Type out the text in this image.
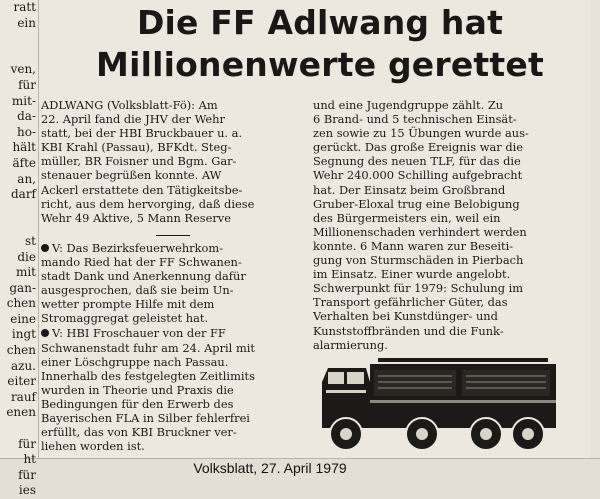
ratt
ein
ven,
für
mit-
da-
ho-
hält
äfte
an,
darf
st
die
mit
gan-
chen
eine
ingt
chen
azu.
eiter
rauf
enen
für
ht
für
ies
Die FF Adlwang hat
Millionenwerte gerettet

ADLWANG (Volksblatt-Fö): Am
22. April fand die JHV der Wehr
statt, bei der HBI Bruckbauer u. a.
KBI Krahl (Passau), BFKdt. Steg-
müller, BR Foisner und Bgm. Gar-
stenauer begrüßen konnte. AW
Ackerl erstattete den Tätigkeitsbe-
richt, aus dem hervorging, daß diese
Wehr 49 Aktive, 5 Mann Reserve

V: Das Bezirksfeuerwehrkom-
mando Ried hat der FF Schwanen-
stadt Dank und Anerkennung dafür
ausgesprochen, daß sie beim Un-
wetter prompte Hilfe mit dem
Stromaggregat geleistet hat.

V: HBI Froschauer von der FF
Schwanenstadt fuhr am 24. April mit
einer Löschgruppe nach Passau.
Innerhalb des festgelegten Zeitlimits
wurden in Theorie und Praxis die
Bedingungen für den Erwerb des
Bayerischen FLA in Silber fehlerfrei
erfüllt, das von KBI Bruckner ver-
liehen worden ist.

und eine Jugendgruppe zählt. Zu
6 Brand- und 5 technischen Einsät-
zen sowie zu 15 Übungen wurde aus-
gerückt. Das große Ereignis war die
Segnung des neuen TLF, für das die
Wehr 240.000 Schilling aufgebracht
hat. Der Einsatz beim Großbrand
Gruber-Eloxal trug eine Belobigung
des Bürgermeisters ein, weil ein
Millionenschaden verhindert werden
konnte. 6 Mann waren zur Beseiti-
gung von Sturmschäden in Pierbach
im Einsatz. Einer wurde angelobt.
Schwerpunkt für 1979: Schulung im
Transport gefährlicher Güter, das
Verhalten bei Kunstdünger- und
Kunststoffbränden und die Funk-
alarmierung.

Volksblatt, 27. April 1979
